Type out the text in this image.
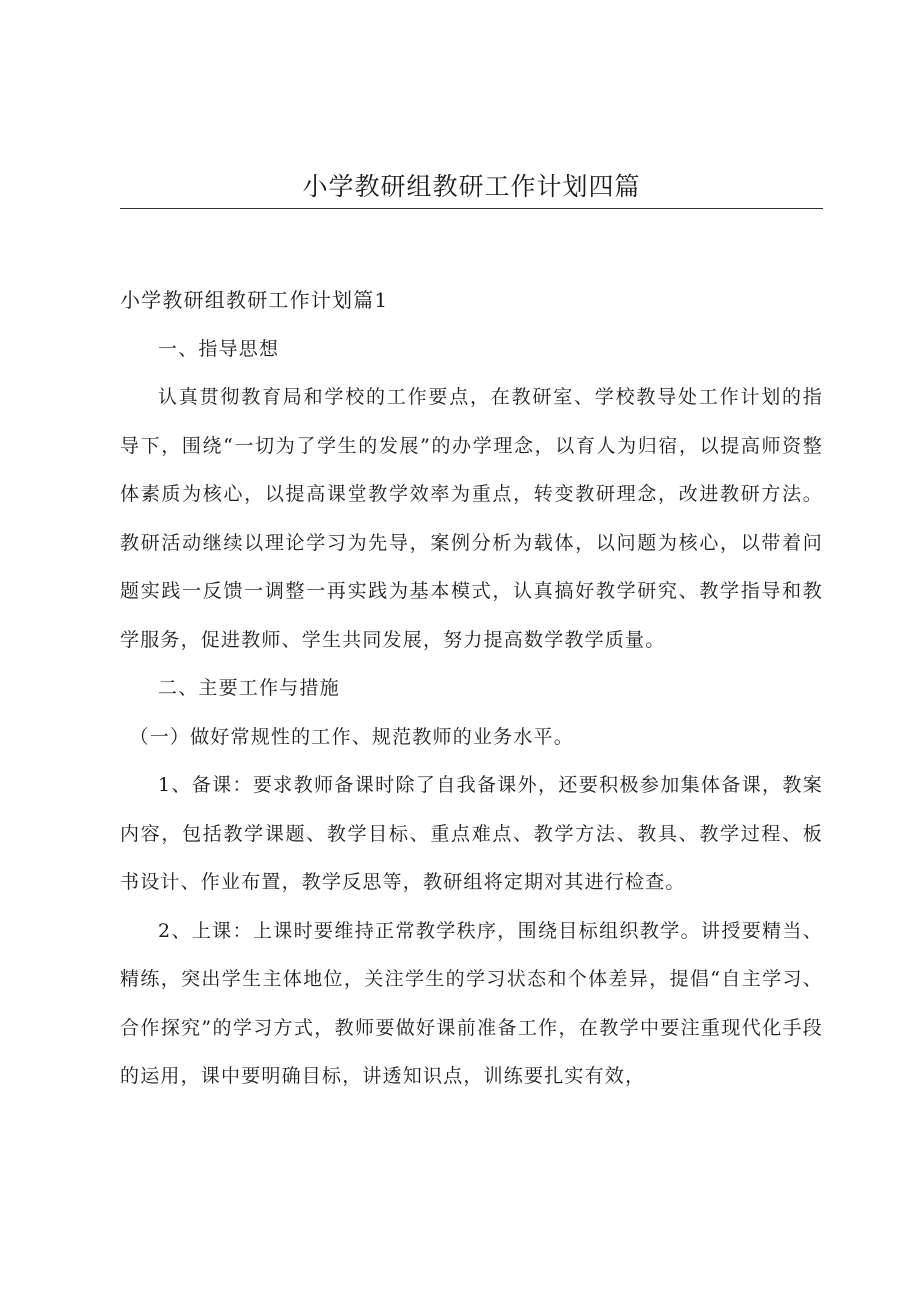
小学教研组教研工作计划四篇

小学教研组教研工作计划篇1

一、指导思想

认真贯彻教育局和学校的工作要点，在教研室、学校教导处工作计划的指导下，围绕“一切为了学生的发展”的办学理念，以育人为归宿，以提高师资整体素质为核心，以提高课堂教学效率为重点，转变教研理念，改进教研方法。教研活动继续以理论学习为先导，案例分析为载体，以问题为核心，以带着问题实践一反馈一调整一再实践为基本模式，认真搞好教学研究、教学指导和教学服务，促进教师、学生共同发展，努力提高数学教学质量。

二、主要工作与措施

（一）做好常规性的工作、规范教师的业务水平。

1、备课：要求教师备课时除了自我备课外，还要积极参加集体备课，教案内容，包括教学课题、教学目标、重点难点、教学方法、教具、教学过程、板书设计、作业布置，教学反思等，教研组将定期对其进行检查。

2、上课：上课时要维持正常教学秩序，围绕目标组织教学。讲授要精当、精练，突出学生主体地位，关注学生的学习状态和个体差异，提倡“自主学习、合作探究”的学习方式，教师要做好课前准备工作，在教学中要注重现代化手段的运用，课中要明确目标，讲透知识点，训练要扎实有效，
